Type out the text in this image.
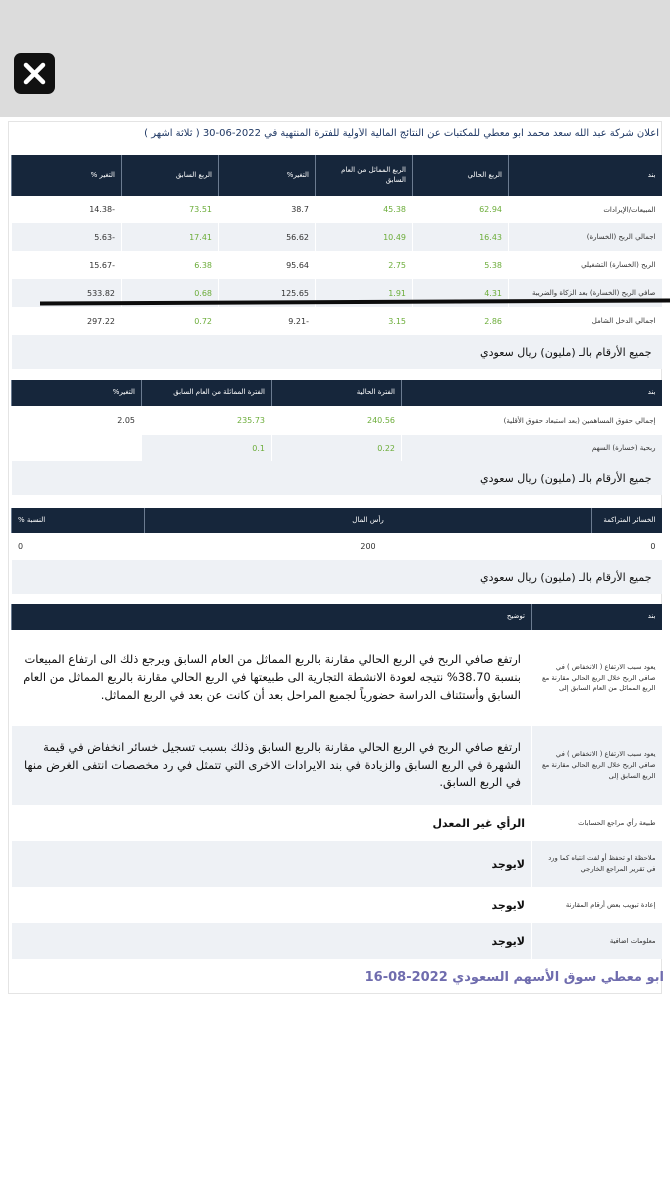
اعلان شركة عبد الله سعد محمد ابو معطي للمكتبات عن النتائج المالية الأولية للفترة المنتهية في 2022-06-30 ( ثلاثة اشهر )
بند	الربع الحالي	الربع المماثل من العام السابق	التغير%	الربع السابق	التغير %
المبيعات/الإيرادات	62.94	45.38	38.7	73.51	-14.38
اجمالي الربح (الخسارة)	16.43	10.49	56.62	17.41	-5.63
الربح (الخسارة) التشغيلي	5.38	2.75	95.64	6.38	-15.67
صافي الربح (الخسارة) بعد الزكاة والضريبة	4.31	1.91	125.65	0.68	533.82
اجمالي الدخل الشامل	2.86	3.15	-9.21	0.72	297.22
جميع الأرقام بالـ (مليون) ريال سعودي					
بند	الفترة الحالية	الفترة المماثلة من العام السابق	التغير%
إجمالي حقوق المساهمين (بعد استبعاد حقوق الأقلية)	240.56	235.73	2.05
ربحية (خسارة) السهم	0.22	0.1	
جميع الأرقام بالـ (مليون) ريال سعودي			
الخسائر المتراكمة	رأس المال	النسبة %
0	200	0
جميع الأرقام بالـ (مليون) ريال سعودي		
بند	توضيح
يعود سبب الارتفاع ( الانخفاض ) في صافي الربح خلال الربع الحالي مقارنة مع الربع المماثل من العام السابق إلى	ارتفع صافي الربح في الربع الحالي مقارنة بالربع المماثل من العام السابق ويرجع ذلك الى ارتفاع المبيعات بنسبة 38.70% نتيجه لعودة الانشطة التجارية الى طبيعتها في الربع الحالي مقارنة بالربع المماثل من العام السابق وأستئناف الدراسة حضورياً لجميع المراحل بعد أن كانت عن بعد في الربع المماثل.
يعود سبب الارتفاع ( الانخفاض ) في صافي الربح خلال الربع الحالي مقارنة مع الربع السابق إلى	ارتفع صافي الربح في الربع الحالي مقارنة بالربع السابق وذلك بسبب تسجيل خسائر انخفاض في قيمة الشهرة في الربع السابق والزيادة في بند الايرادات الاخرى التي تتمثل في رد مخصصات انتفى الغرض منها في الربع السابق.
طبيعة رأي مراجع الحسابات	الرأي غير المعدل
ملاحظة او تحفظ أو لفت انتباه كما ورد في تقرير المراجع الخارجي	لايوجد
إعادة تبويب بعض أرقام المقارنة	لايوجد
معلومات اضافية	لايوجد
ابو معطي سوق الأسهم السعودي 2022-08-16
